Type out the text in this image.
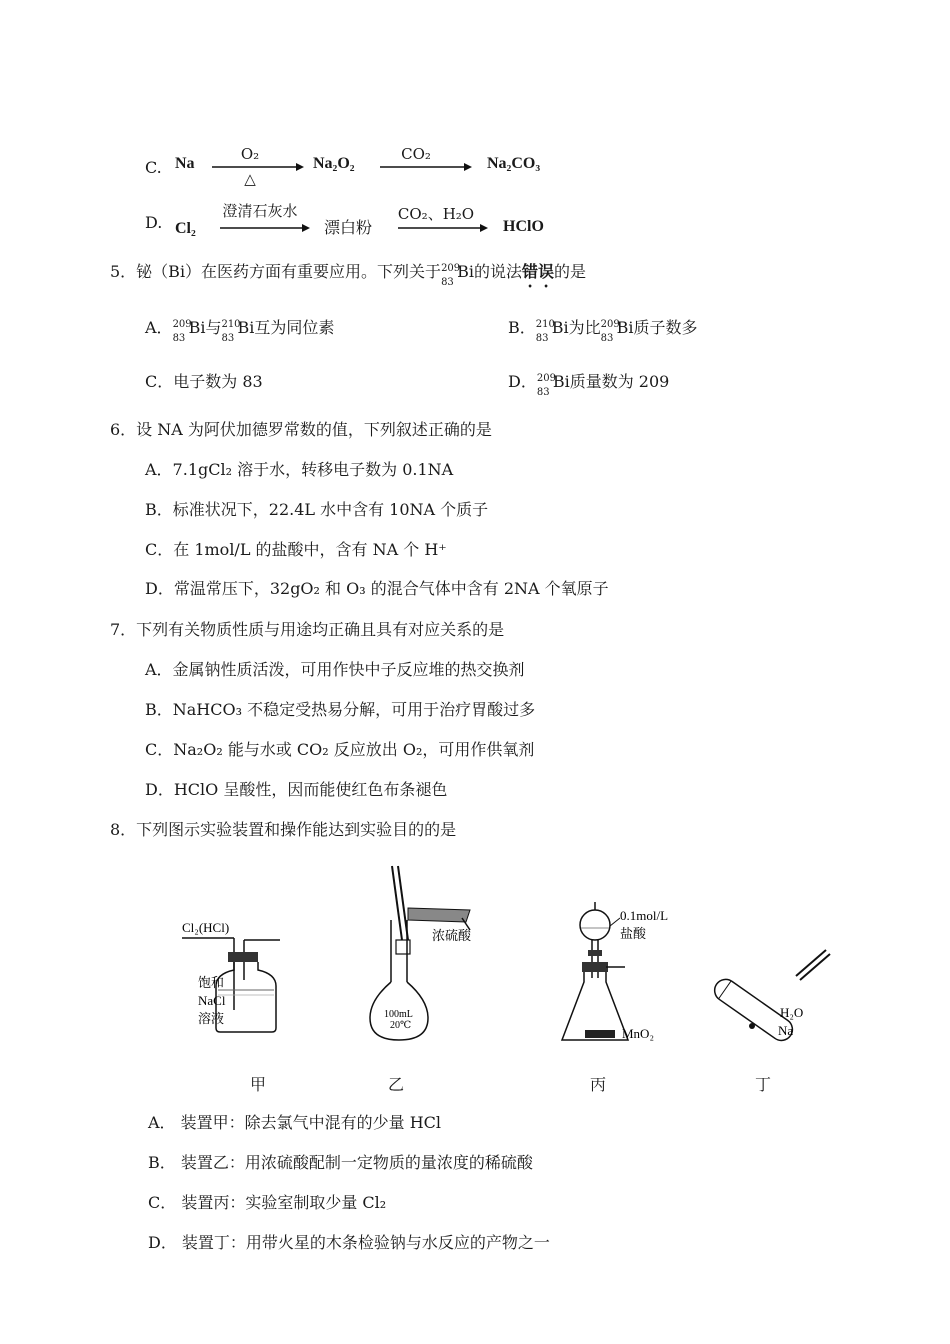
C. Na
O₂
△
Na₂O₂
CO₂
Na₂CO₃
D. Cl₂
澄清石灰水
漂白粉
CO₂、H₂O
HClO
5．铋（Bi）在医药方面有重要应用。下列关于 209
83
Bi的说法错误的是
A． 209
83
Bi与 210
83
Bi互为同位素	B． 210
83
Bi为比 209
83
Bi质子数多
C．电子数为 83	D． 209
83
Bi质量数为 209
6．设 NA 为阿伏加德罗常数的值，下列叙述正确的是
A．7.1gCl₂ 溶于水，转移电子数为 0.1NA
B．标准状况下，22.4L 水中含有 10NA 个质子
C．在 1mol/L 的盐酸中，含有 NA 个 H⁺
D．常温常压下，32gO₂ 和 O₃ 的混合气体中含有 2NA 个氧原子
7．下列有关物质性质与用途均正确且具有对应关系的是
A．金属钠性质活泼，可用作快中子反应堆的热交换剂
B．NaHCO₃ 不稳定受热易分解，可用于治疗胃酸过多
C．Na₂O₂ 能与水或 CO₂ 反应放出 O₂，可用作供氧剂
D．HClO 呈酸性，因而能使红色布条褪色
8．下列图示实验装置和操作能达到实验目的的是
Cl₂(HCl)
饱和
NaCl
溶液
浓硫酸
100mL
20℃
0.1mol/L
盐酸
MnO₂
H₂O
Na
甲	乙	丙	丁
A． 装置甲：除去氯气中混有的少量 HCl
B． 装置乙：用浓硫酸配制一定物质的量浓度的稀硫酸
C． 装置丙：实验室制取少量 Cl₂
D． 装置丁：用带火星的木条检验钠与水反应的产物之一
